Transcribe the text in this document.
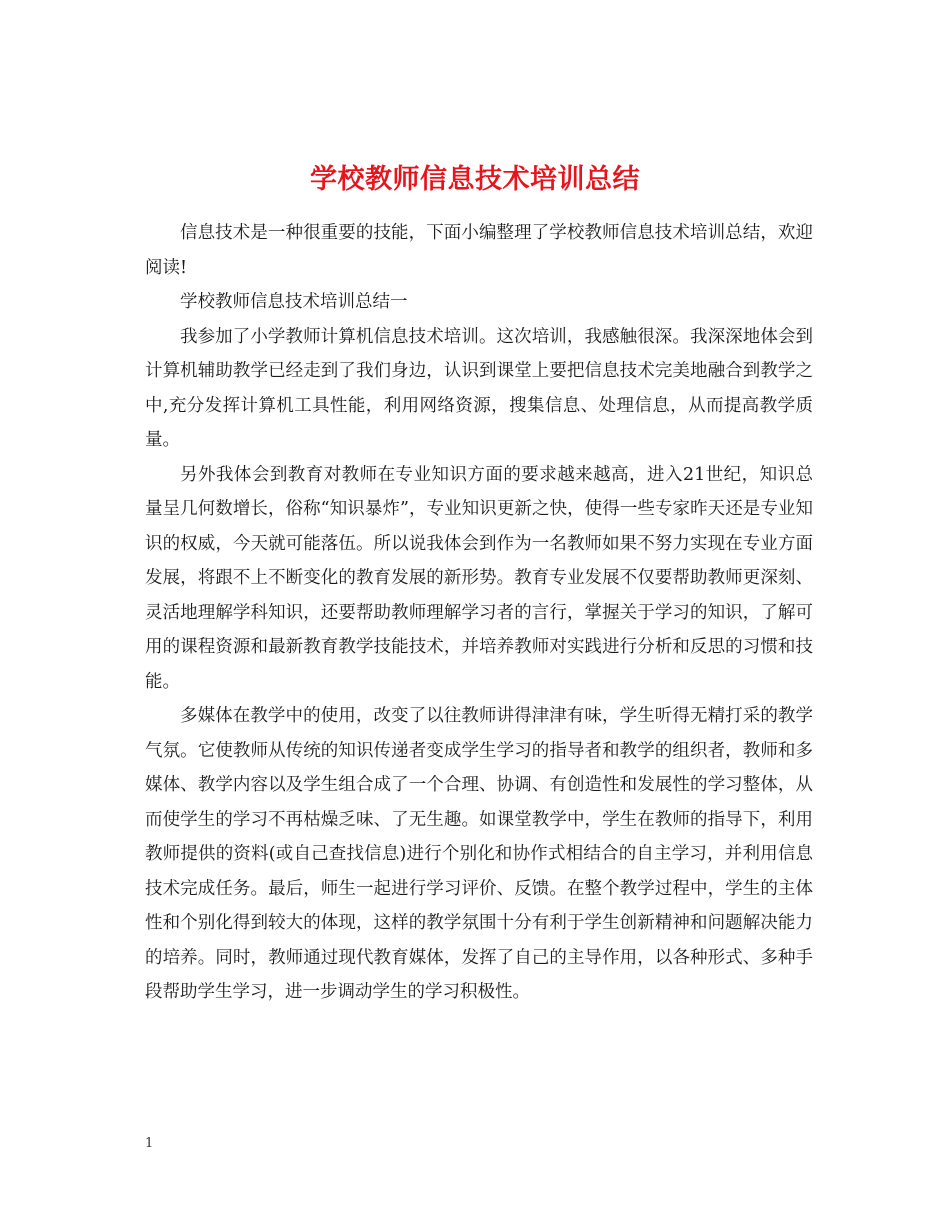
学校教师信息技术培训总结

信息技术是一种很重要的技能，下面小编整理了学校教师信息技术培训总结，欢迎阅读!

学校教师信息技术培训总结一

我参加了小学教师计算机信息技术培训。这次培训，我感触很深。我深深地体会到计算机辅助教学已经走到了我们身边，认识到课堂上要把信息技术完美地融合到教学之中,充分发挥计算机工具性能，利用网络资源，搜集信息、处理信息，从而提高教学质量。

另外我体会到教育对教师在专业知识方面的要求越来越高，进入21世纪，知识总量呈几何数增长，俗称“知识暴炸”，专业知识更新之快，使得一些专家昨天还是专业知识的权威，今天就可能落伍。所以说我体会到作为一名教师如果不努力实现在专业方面发展，将跟不上不断变化的教育发展的新形势。教育专业发展不仅要帮助教师更深刻、灵活地理解学科知识，还要帮助教师理解学习者的言行，掌握关于学习的知识，了解可用的课程资源和最新教育教学技能技术，并培养教师对实践进行分析和反思的习惯和技能。

多媒体在教学中的使用，改变了以往教师讲得津津有味，学生听得无精打采的教学气氛。它使教师从传统的知识传递者变成学生学习的指导者和教学的组织者，教师和多媒体、教学内容以及学生组合成了一个合理、协调、有创造性和发展性的学习整体，从而使学生的学习不再枯燥乏味、了无生趣。如课堂教学中，学生在教师的指导下，利用教师提供的资料(或自己查找信息)进行个别化和协作式相结合的自主学习，并利用信息技术完成任务。最后，师生一起进行学习评价、反馈。在整个教学过程中，学生的主体性和个别化得到较大的体现，这样的教学氛围十分有利于学生创新精神和问题解决能力的培养。同时，教师通过现代教育媒体，发挥了自己的主导作用，以各种形式、多种手段帮助学生学习，进一步调动学生的学习积极性。

1
